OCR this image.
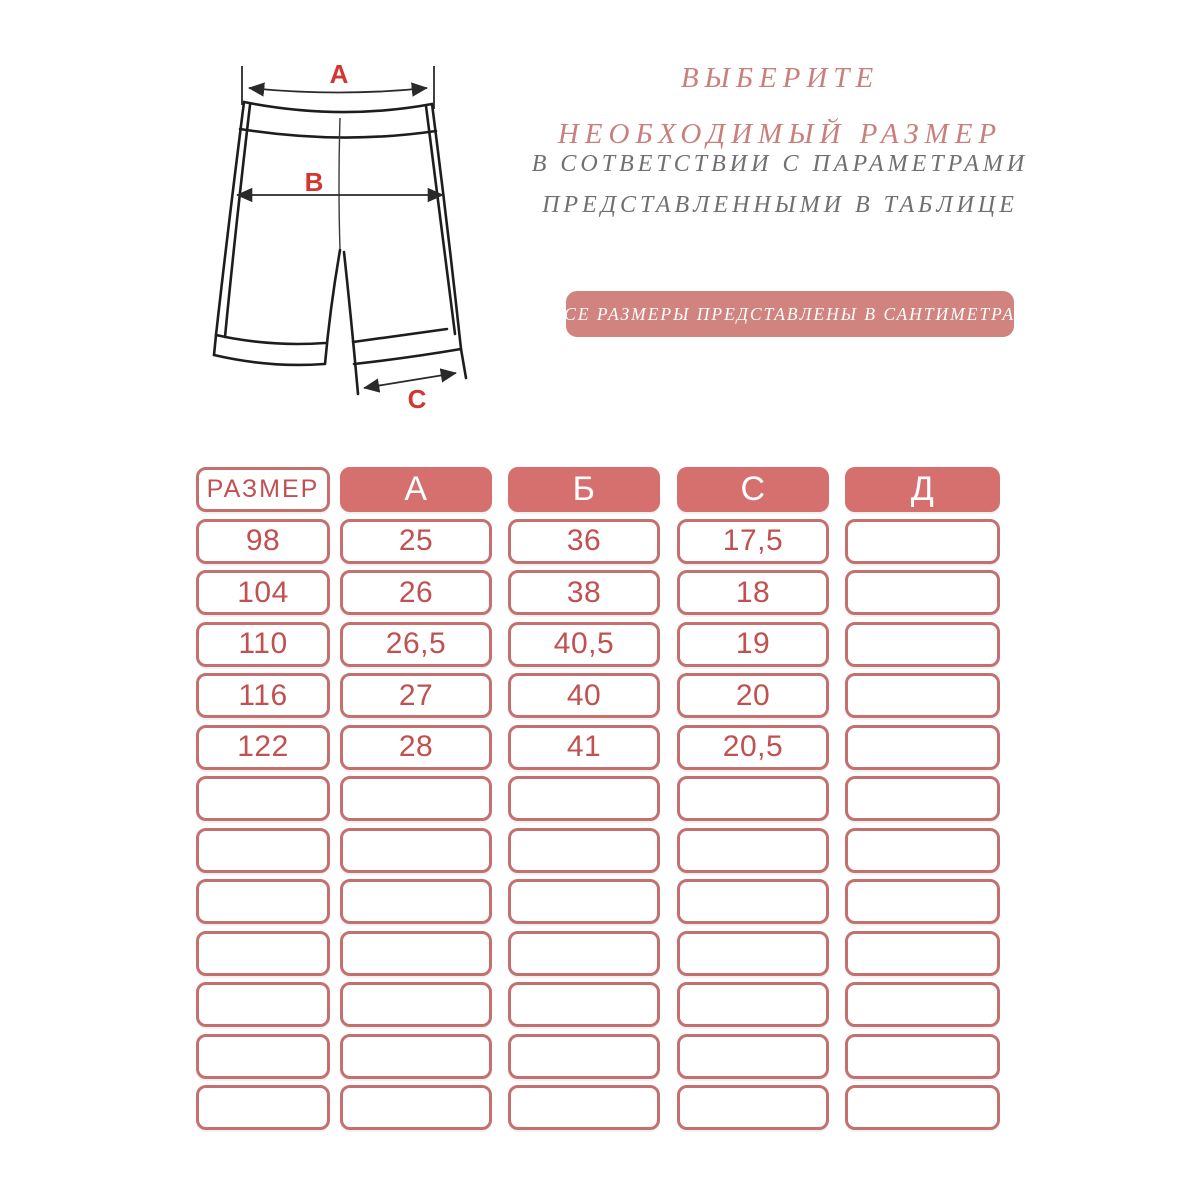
A
B
C
ВЫБЕРИТЕ
НЕОБХОДИМЫЙ РАЗМЕР
В СОТВЕТСТВИИ С ПАРАМЕТРАМИ
ПРЕДСТАВЛЕННЫМИ В ТАБЛИЦЕ
ВСЕ РАЗМЕРЫ ПРЕДСТАВЛЕНЫ В САНТИМЕТРАХ
РАЗМЕР	А	Б	С	Д
98	25	36	17,5
104	26	38	18
110	26,5	40,5	19
116	27	40	20
122	28	41	20,5
